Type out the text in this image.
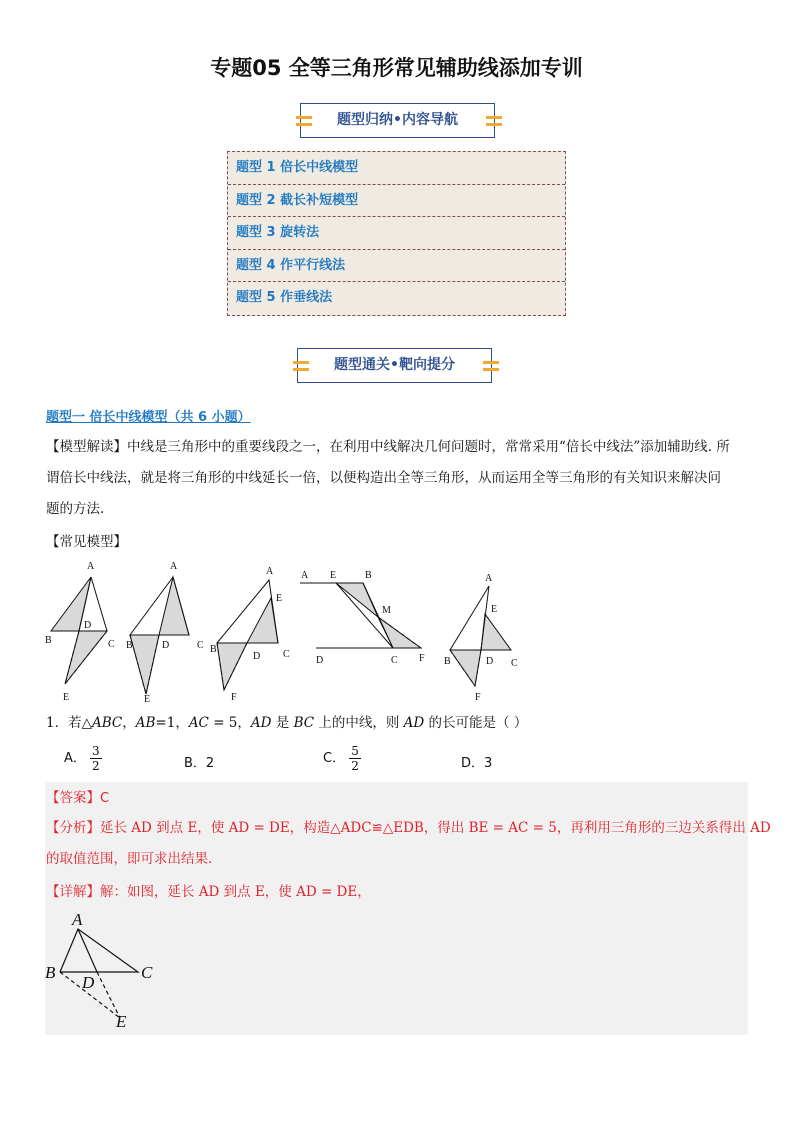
专题05 全等三角形常见辅助线添加专训
题型归纳•内容导航
题型 1 倍长中线模型
题型 2 截长补短模型
题型 3 旋转法
题型 4 作平行线法
题型 5 作垂线法
题型通关•靶向提分
题型一 倍长中线模型（共 6 小题）
【模型解读】中线是三角形中的重要线段之一，在利用中线解决几何问题时，常常采用“倍长中线法”添加辅助线. 所
谓倍长中线法，就是将三角形的中线延长一倍，以便构造出全等三角形，从而运用全等三角形的有关知识来解决问
题的方法.
【常见模型】
A
B	C
D
E
A
B	C
D
E
A
E
B	C
D
F
A E	B
M
D	C F
A
E
B	D C
F
1．若△ABC，AB=1，AC = 5，AD 是 BC 上的中线，则 AD 的长可能是（ ）
A． $\frac{3}{2}$	B．2	C． $\frac{5}{2}$	D．3
【答案】C
【分析】延长 AD 到点 E，使 AD = DE，构造△ADC≌△EDB，得出 BE = AC = 5，再利用三角形的三边关系得出 AD
的取值范围，即可求出结果.
【详解】解：如图，延长 AD 到点 E，使 AD = DE，
A
B
D
C
E
